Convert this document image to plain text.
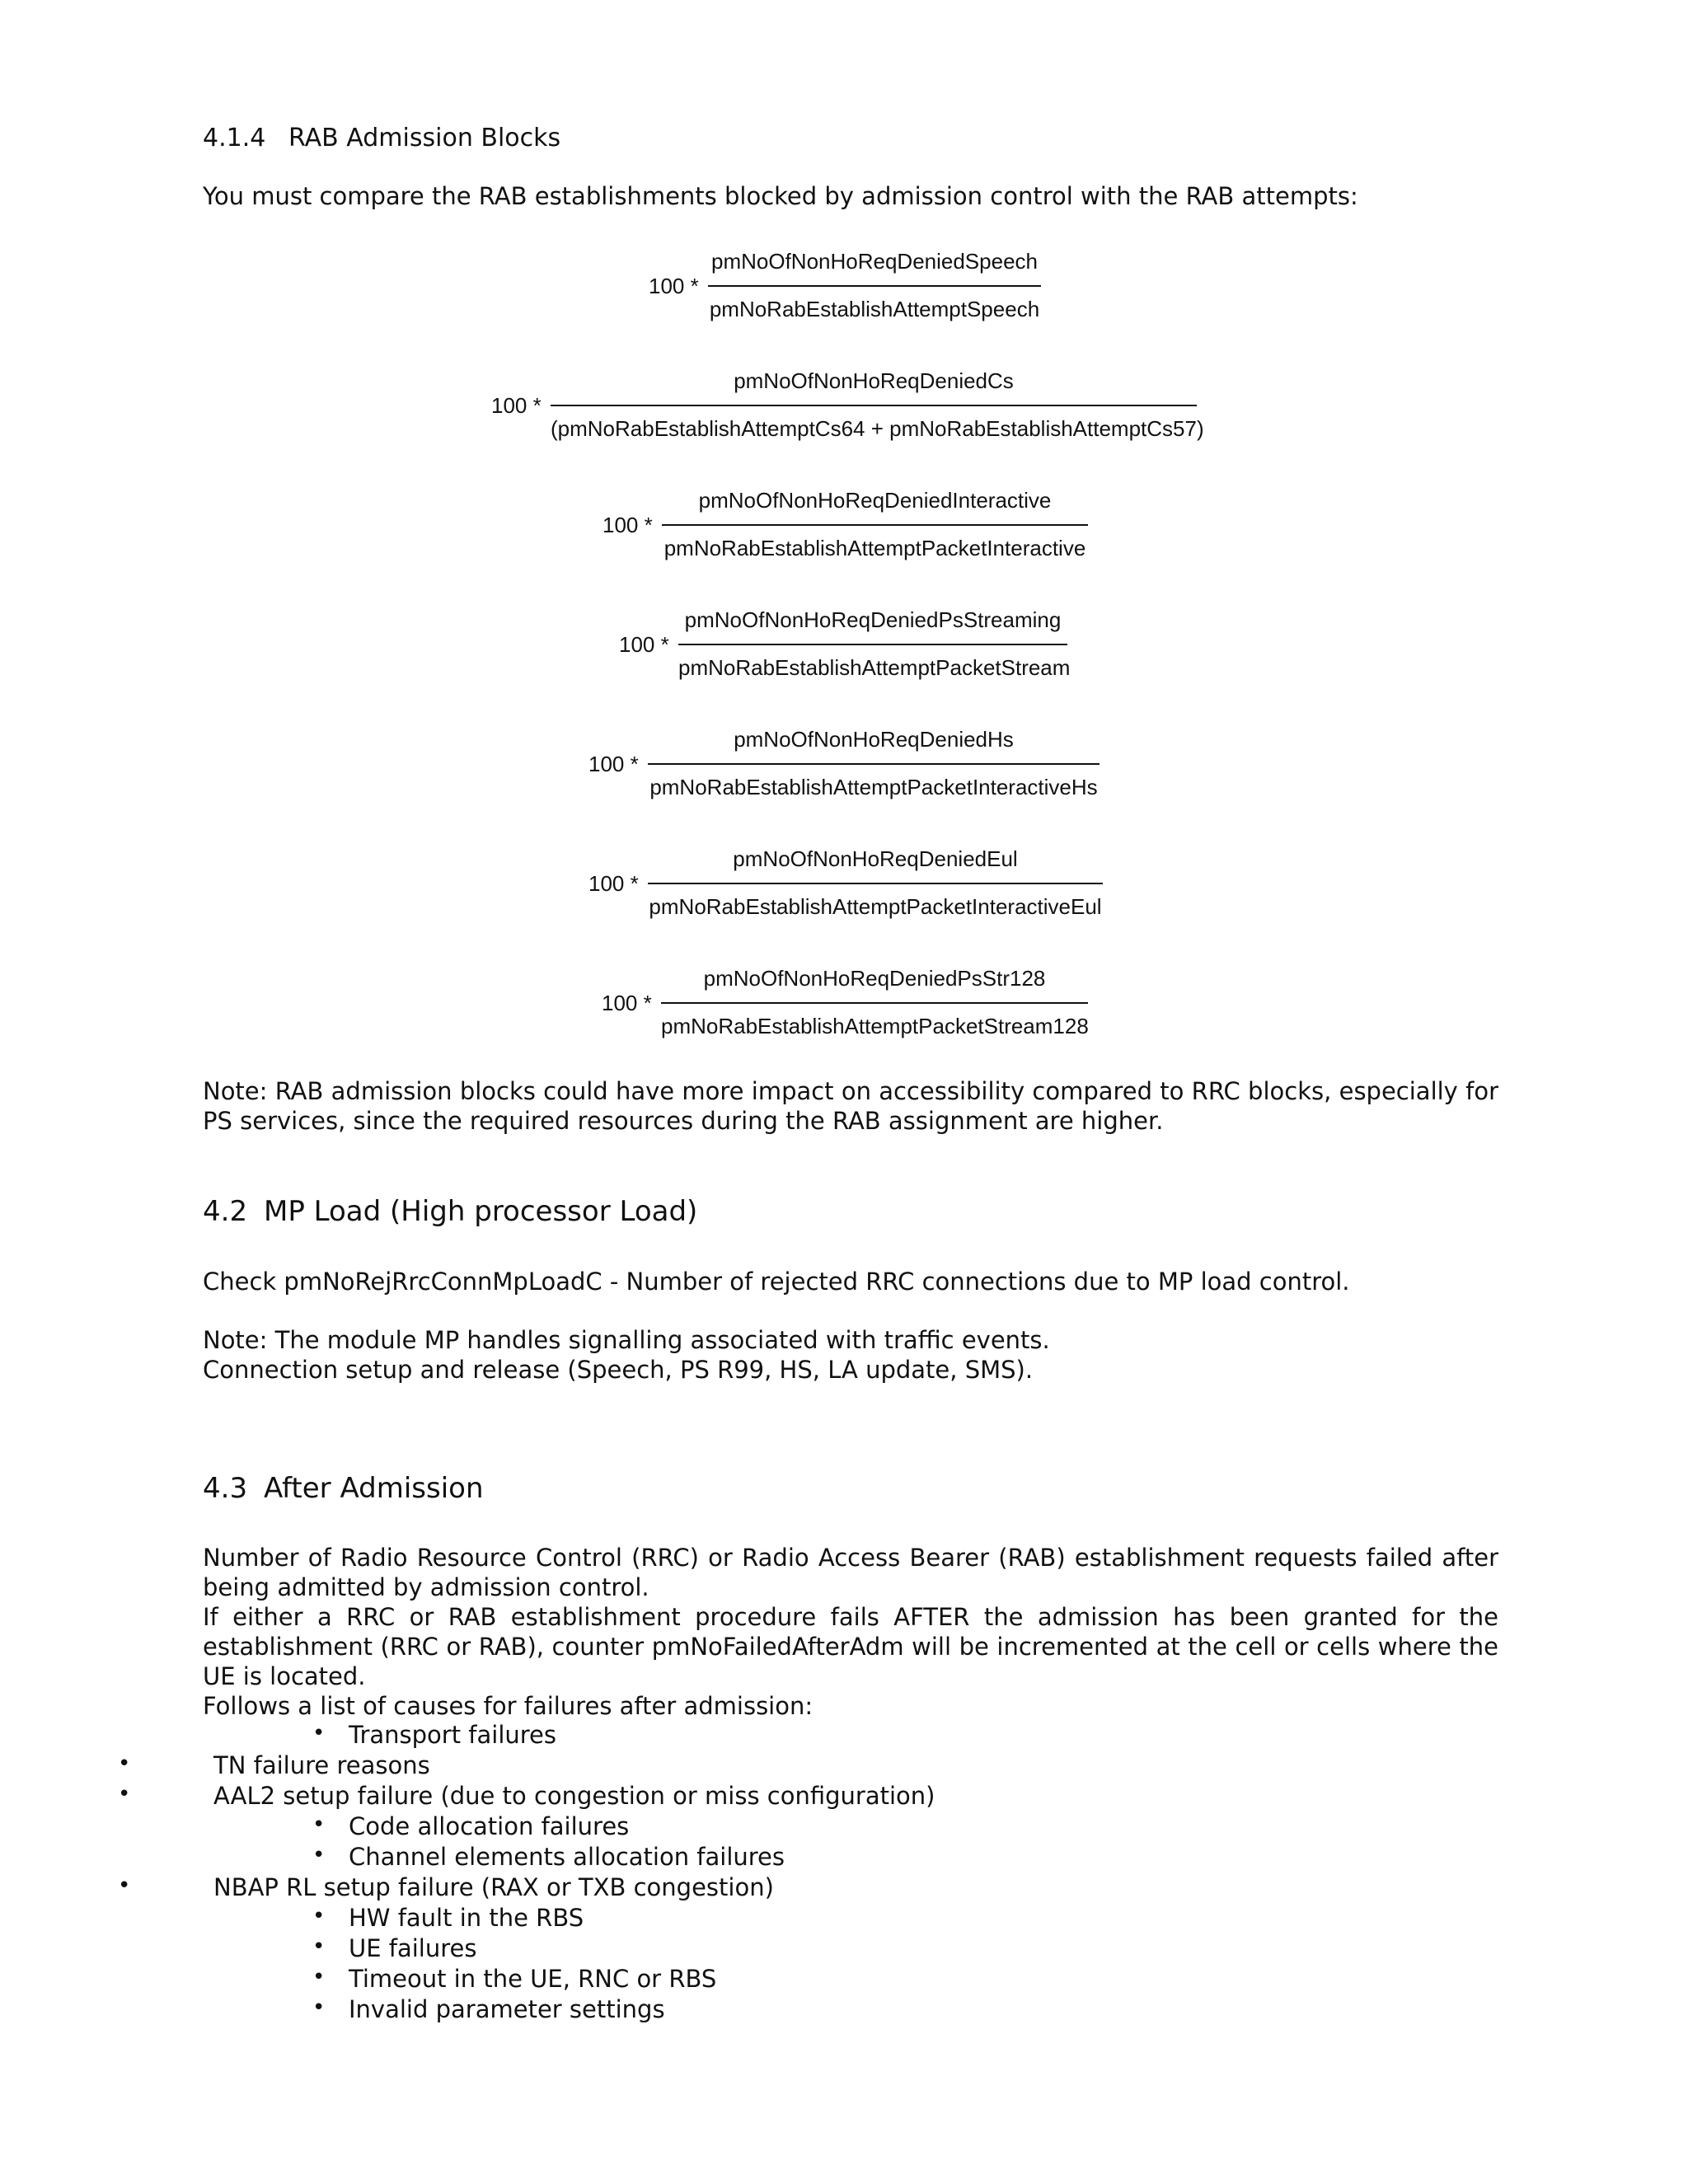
4.1.4 RAB Admission Blocks
You must compare the RAB establishments blocked by admission control with the RAB attempts:
100 *
pmNoOfNonHoReqDeniedSpeech
pmNoRabEstablishAttemptSpeech
100 *
pmNoOfNonHoReqDeniedCs
(pmNoRabEstablishAttemptCs64 + pmNoRabEstablishAttemptCs57)
100 *
pmNoOfNonHoReqDeniedInteractive
pmNoRabEstablishAttemptPacketInteractive
100 *
pmNoOfNonHoReqDeniedPsStreaming
pmNoRabEstablishAttemptPacketStream
100 *
pmNoOfNonHoReqDeniedHs
pmNoRabEstablishAttemptPacketInteractiveHs
100 *
pmNoOfNonHoReqDeniedEul
pmNoRabEstablishAttemptPacketInteractiveEul
100 *
pmNoOfNonHoReqDeniedPsStr128
pmNoRabEstablishAttemptPacketStream128
Note: RAB admission blocks could have more impact on accessibility compared to RRC blocks, especially for PS services, since the required resources during the RAB assignment are higher.
4.2 MP Load (High processor Load)
Check pmNoRejRrcConnMpLoadC - Number of rejected RRC connections due to MP load control.
Note: The module MP handles signalling associated with traffic events.
Connection setup and release (Speech, PS R99, HS, LA update, SMS).
4.3 After Admission
Number of Radio Resource Control (RRC) or Radio Access Bearer (RAB) establishment requests failed after being admitted by admission control.
If either a RRC or RAB establishment procedure fails AFTER the admission has been granted for the establishment (RRC or RAB), counter pmNoFailedAfterAdm will be incremented at the cell or cells where the UE is located.
Follows a list of causes for failures after admission:
• Transport failures
•	TN failure reasons
•	AAL2 setup failure (due to congestion or miss configuration)
• Code allocation failures
• Channel elements allocation failures
•	NBAP RL setup failure (RAX or TXB congestion)
• HW fault in the RBS
• UE failures
• Timeout in the UE, RNC or RBS
• Invalid parameter settings
